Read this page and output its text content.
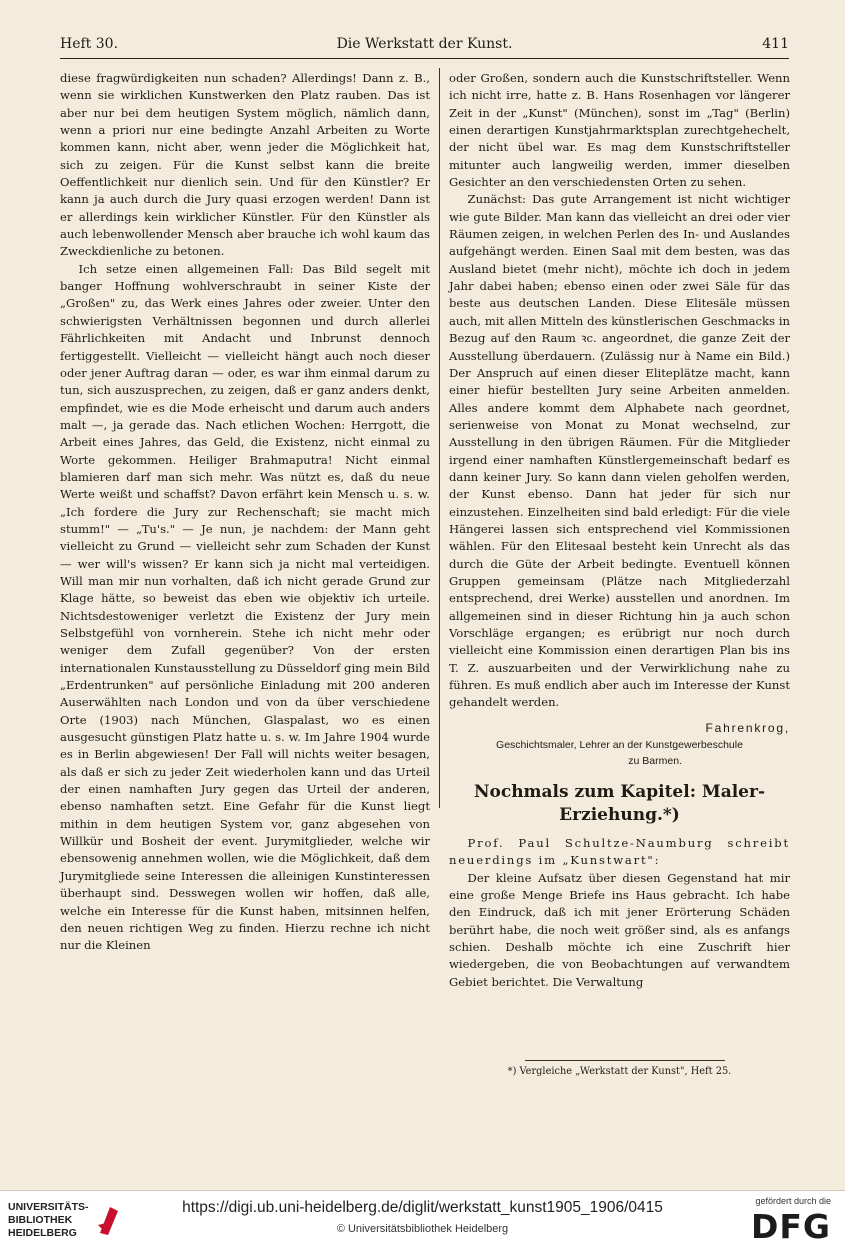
Heft 30.	Die Werkstatt der Kunst.	411

diese fragwürdigkeiten nun schaden? Allerdings! Dann z. B., wenn sie wirklichen Kunstwerken den Platz rauben. Das ist aber nur bei dem heutigen System möglich, nämlich dann, wenn a priori nur eine bedingte Anzahl Arbeiten zu Worte kommen kann, nicht aber, wenn jeder die Möglichkeit hat, sich zu zeigen. Für die Kunst selbst kann die breite Oeffentlichkeit nur dienlich sein. Und für den Künstler? Er kann ja auch durch die Jury quasi erzogen werden! Dann ist er allerdings kein wirklicher Künstler. Für den Künstler als auch lebenwollender Mensch aber brauche ich wohl kaum das Zweckdienliche zu betonen.

Ich setze einen allgemeinen Fall: Das Bild segelt mit banger Hoffnung wohlverschraubt in seiner Kiste der „Großen" zu, das Werk eines Jahres oder zweier. Unter den schwierigsten Verhältnissen begonnen und durch allerlei Fährlichkeiten mit Andacht und Inbrunst dennoch fertiggestellt. Vielleicht — vielleicht hängt auch noch dieser oder jener Auftrag daran — oder, es war ihm einmal darum zu tun, sich auszusprechen, zu zeigen, daß er ganz anders denkt, empfindet, wie es die Mode erheischt und darum auch anders malt —, ja gerade das. Nach etlichen Wochen: Herrgott, die Arbeit eines Jahres, das Geld, die Existenz, nicht einmal zu Worte gekommen. Heiliger Brahmaputra! Nicht einmal blamieren darf man sich mehr. Was nützt es, daß du neue Werte weißt und schaffst? Davon erfährt kein Mensch u. s. w. „Ich fordere die Jury zur Rechenschaft; sie macht mich stumm!" — „Tu's." — Je nun, je nachdem: der Mann geht vielleicht zu Grund — vielleicht sehr zum Schaden der Kunst — wer will's wissen? Er kann sich ja nicht mal verteidigen. Will man mir nun vorhalten, daß ich nicht gerade Grund zur Klage hätte, so beweist das eben wie objektiv ich urteile. Nichtsdestoweniger verletzt die Existenz der Jury mein Selbstgefühl von vornherein. Stehe ich nicht mehr oder weniger dem Zufall gegenüber? Von der ersten internationalen Kunstausstellung zu Düsseldorf ging mein Bild „Erdentrunken" auf persönliche Einladung mit 200 anderen Auserwählten nach London und von da über verschiedene Orte (1903) nach München, Glaspalast, wo es einen ausgesucht günstigen Platz hatte u. s. w. Im Jahre 1904 wurde es in Berlin abgewiesen! Der Fall will nichts weiter besagen, als daß er sich zu jeder Zeit wiederholen kann und das Urteil der einen namhaften Jury gegen das Urteil der anderen, ebenso namhaften setzt. Eine Gefahr für die Kunst liegt mithin in dem heutigen System vor, ganz abgesehen von Willkür und Bosheit der event. Jurymitglieder, welche wir ebensowenig annehmen wollen, wie die Möglichkeit, daß dem Jurymitgliede seine Interessen die alleinigen Kunstinteressen überhaupt sind. Desswegen wollen wir hoffen, daß alle, welche ein Interesse für die Kunst haben, mitsinnen helfen, den neuen richtigen Weg zu finden. Hierzu rechne ich nicht nur die Kleinen

oder Großen, sondern auch die Kunstschriftsteller. Wenn ich nicht irre, hatte z. B. Hans Rosenhagen vor längerer Zeit in der „Kunst" (München), sonst im „Tag" (Berlin) einen derartigen Kunstjahrmarktsplan zurechtgehechelt, der nicht übel war. Es mag dem Kunstschriftsteller mitunter auch langweilig werden, immer dieselben Gesichter an den verschiedensten Orten zu sehen.

Zunächst: Das gute Arrangement ist nicht wichtiger wie gute Bilder. Man kann das vielleicht an drei oder vier Räumen zeigen, in welchen Perlen des In- und Auslandes aufgehängt werden. Einen Saal mit dem besten, was das Ausland bietet (mehr nicht), möchte ich doch in jedem Jahr dabei haben; ebenso einen oder zwei Säle für das beste aus deutschen Landen. Diese Elitesäle müssen auch, mit allen Mitteln des künstlerischen Geschmacks in Bezug auf den Raum ꝛc. angeordnet, die ganze Zeit der Ausstellung überdauern. (Zulässig nur à Name ein Bild.) Der Anspruch auf einen dieser Eliteplätze macht, kann einer hiefür bestellten Jury seine Arbeiten anmelden. Alles andere kommt dem Alphabete nach geordnet, serienweise von Monat zu Monat wechselnd, zur Ausstellung in den übrigen Räumen. Für die Mitglieder irgend einer namhaften Künstlergemeinschaft bedarf es dann keiner Jury. So kann dann vielen geholfen werden, der Kunst ebenso. Dann hat jeder für sich nur einzustehen. Einzelheiten sind bald erledigt: Für die viele Hängerei lassen sich entsprechend viel Kommissionen wählen. Für den Elitesaal besteht kein Unrecht als das durch die Güte der Arbeit bedingte. Eventuell können Gruppen gemeinsam (Plätze nach Mitgliederzahl entsprechend, drei Werke) ausstellen und anordnen. Im allgemeinen sind in dieser Richtung hin ja auch schon Vorschläge ergangen; es erübrigt nur noch durch vielleicht eine Kommission einen derartigen Plan bis ins T. Z. auszuarbeiten und der Verwirklichung nahe zu führen. Es muß endlich aber auch im Interesse der Kunst gehandelt werden.

Fahrenkrog,
Geschichtsmaler, Lehrer an der Kunstgewerbeschule
zu Barmen.
Nochmals zum Kapitel: Maler-
Erziehung.*)

Prof. Paul Schultze-Naumburg schreibt neuerdings im „Kunstwart":

Der kleine Aufsatz über diesen Gegenstand hat mir eine große Menge Briefe ins Haus gebracht. Ich habe den Eindruck, daß ich mit jener Erörterung Schäden berührt habe, die noch weit größer sind, als es anfangs schien. Deshalb möchte ich eine Zuschrift hier wiedergeben, die von Beobachtungen auf verwandtem Gebiet berichtet. Die Verwaltung

*) Vergleiche „Werkstatt der Kunst", Heft 25.
UNIVERSITÄTS-
BIBLIOTHEK
HEIDELBERG
https://digi.ub.uni-heidelberg.de/diglit/werkstatt_kunst1905_1906/0415
© Universitätsbibliothek Heidelberg
gefördert durch die
DFG
